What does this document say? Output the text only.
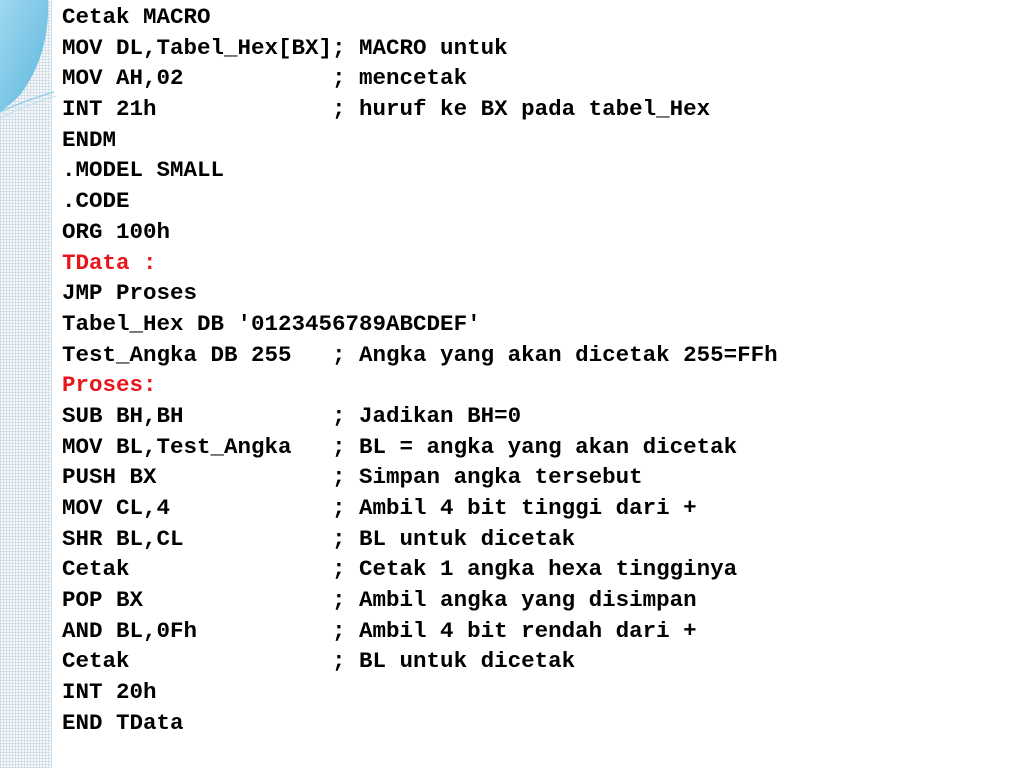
Cetak MACRO
MOV DL,Tabel_Hex[BX]; MACRO untuk
MOV AH,02           ; mencetak
INT 21h             ; huruf ke BX pada tabel_Hex
ENDM
.MODEL SMALL
.CODE
ORG 100h
TData :
JMP Proses
Tabel_Hex DB '0123456789ABCDEF'
Test_Angka DB 255   ; Angka yang akan dicetak 255=FFh
Proses:
SUB BH,BH           ; Jadikan BH=0
MOV BL,Test_Angka   ; BL = angka yang akan dicetak
PUSH BX             ; Simpan angka tersebut
MOV CL,4            ; Ambil 4 bit tinggi dari +
SHR BL,CL           ; BL untuk dicetak
Cetak               ; Cetak 1 angka hexa tingginya
POP BX              ; Ambil angka yang disimpan
AND BL,0Fh          ; Ambil 4 bit rendah dari +
Cetak               ; BL untuk dicetak
INT 20h
END TData
